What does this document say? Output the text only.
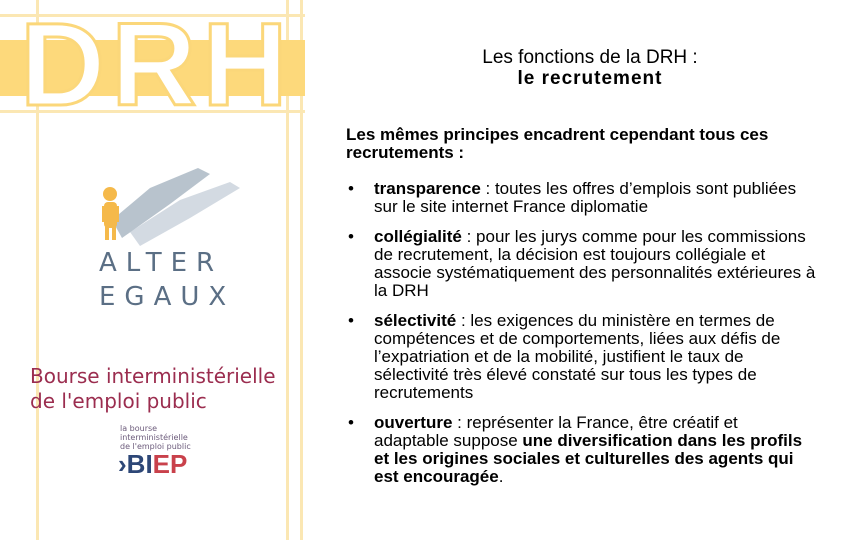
DRH	Les fonctions de la DRH :
le recrutement
ALTER
EGAUX
Bourse interministérielle
de l'emploi public
la bourse
interministérielle
de l'emploi public
›BIEP
Les mêmes principes encadrent cependant tous ces recrutements :
• transparence : toutes les offres d’emplois sont publiées sur le site internet France diplomatie
• collégialité : pour les jurys comme pour les commissions de recrutement, la décision est toujours collégiale et associe systématiquement des personnalités extérieures à la DRH
• sélectivité : les exigences du ministère en termes de compétences et de comportements, liées aux défis de l’expatriation et de la mobilité, justifient le taux de sélectivité très élevé constaté sur tous les types de recrutements
• ouverture : représenter la France, être créatif et adaptable suppose une diversification dans les profils et les origines sociales et culturelles des agents qui est encouragée.
